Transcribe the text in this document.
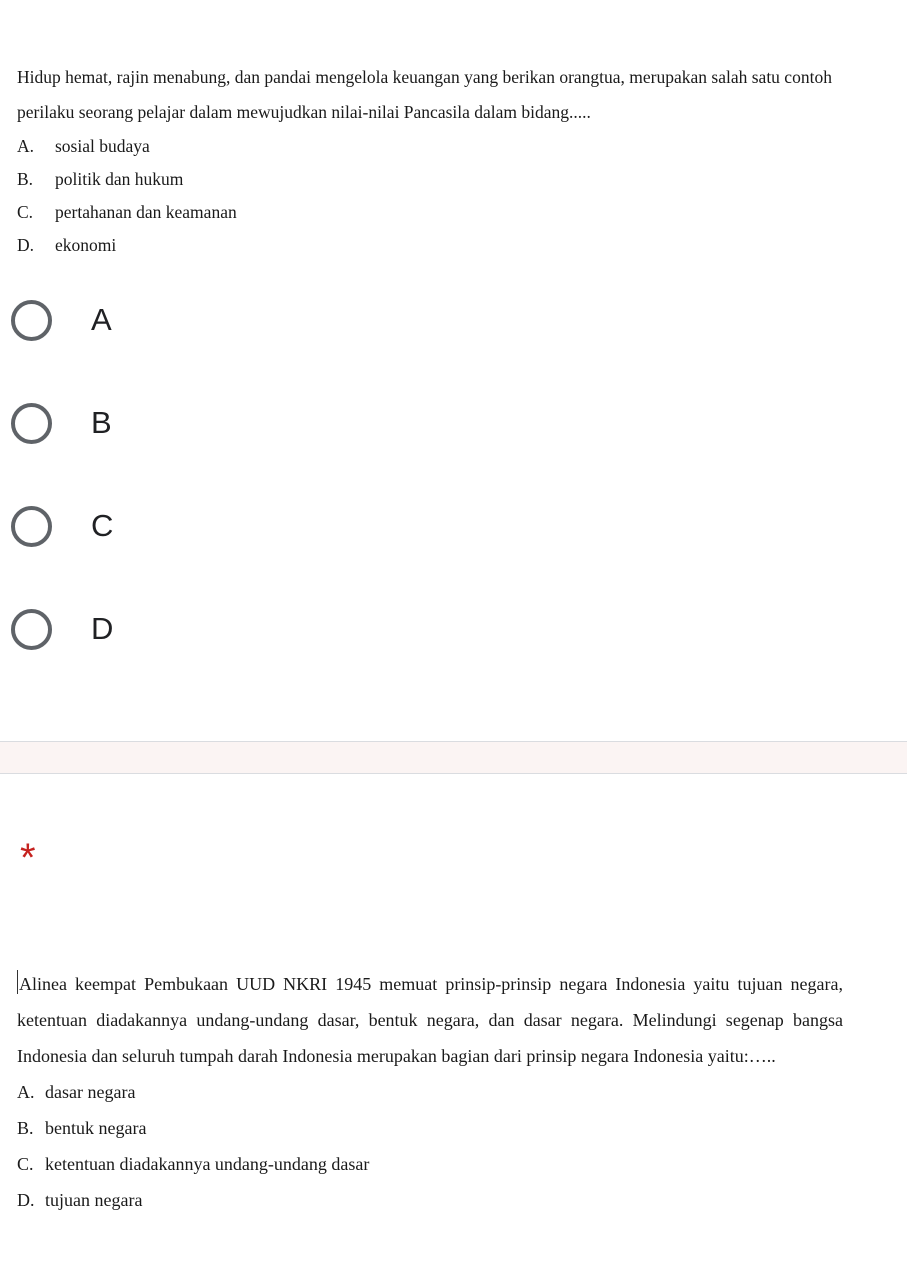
Hidup hemat, rajin menabung, dan pandai mengelola keuangan yang berikan orangtua, merupakan salah satu contoh perilaku seorang pelajar dalam mewujudkan nilai-nilai Pancasila dalam bidang.....

A. sosial budaya
B. politik dan hukum
C. pertahanan dan keamanan
D. ekonomi
A
B
C
D
*

Alinea keempat Pembukaan UUD NKRI 1945 memuat prinsip-prinsip negara Indonesia yaitu tujuan negara, ketentuan diadakannya undang-undang dasar, bentuk negara, dan dasar negara. Melindungi segenap bangsa Indonesia dan seluruh tumpah darah Indonesia merupakan bagian dari prinsip negara Indonesia yaitu:…..

A. dasar negara
B. bentuk negara
C. ketentuan diadakannya undang-undang dasar
D. tujuan negara
